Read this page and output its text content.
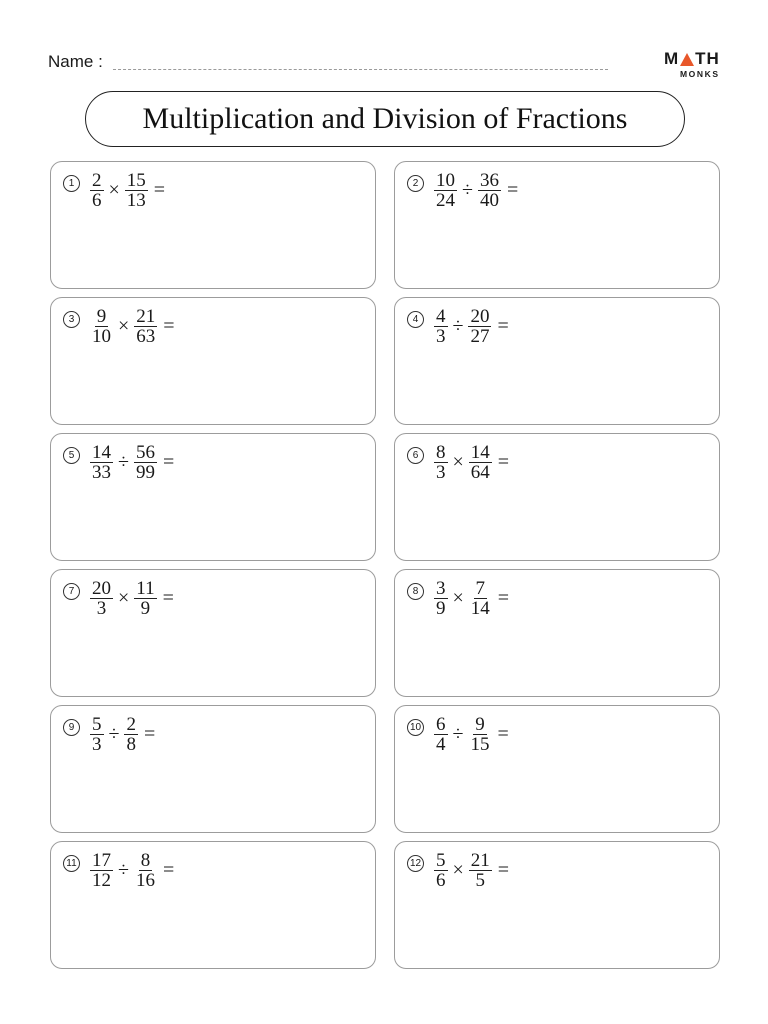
Name :	M TH
MONKS
Multiplication and Division of Fractions
$1 \frac{2}{6} \times \frac{15}{13}$ =	$2 \frac{10}{24} \div \frac{36}{40}$ =
$3 \frac{9}{10} \times \frac{21}{63}$ =	$4 \frac{4}{3} \div \frac{20}{27}$ =
$5 \frac{14}{33} \div \frac{56}{99}$ =	$6 \frac{8}{3} \times \frac{14}{64}$ =
$7 \frac{20}{3} \times \frac{11}{9}$ =	$8 \frac{3}{9} \times \frac{7}{14}$ =
$9 \frac{5}{3} \div \frac{2}{8}$ =	$10 \frac{6}{4} \div \frac{9}{15}$ =
$11 \frac{17}{12} \div \frac{8}{16}$ =	$12 \frac{5}{6} \times \frac{21}{5}$ =
